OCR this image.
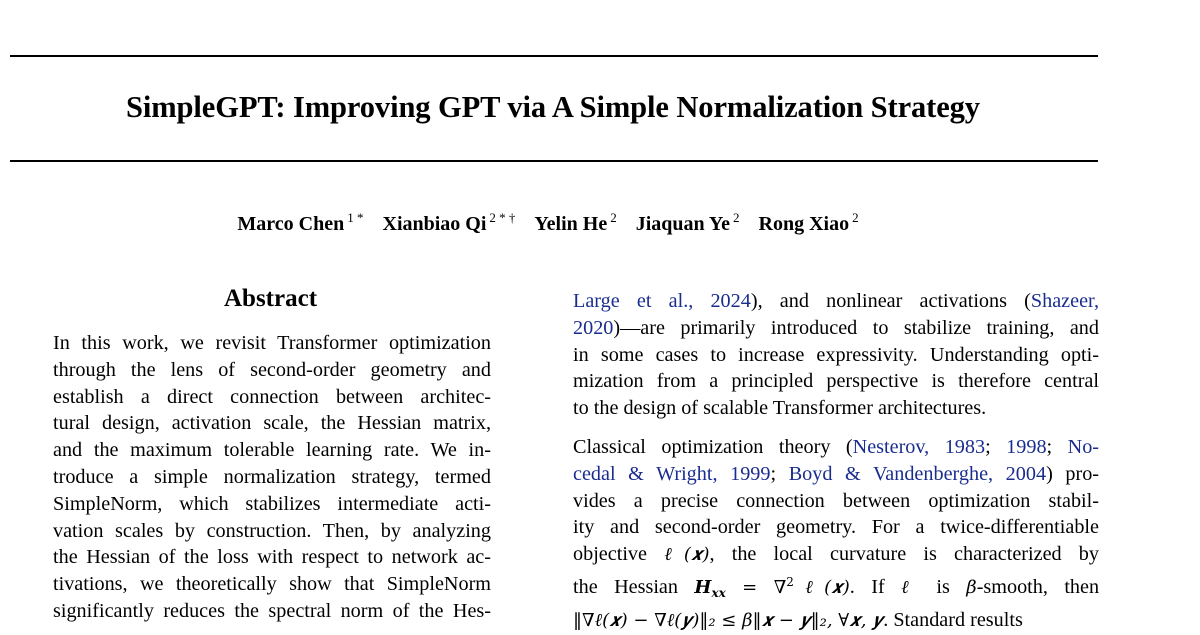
SimpleGPT: Improving GPT via A Simple Normalization Strategy
Marco Chen $^{1 *}$ Xianbiao Qi $^{2 * \dagger}$ Yelin He $^2$ Jiaquan Ye $^2$ Rong Xiao $^2$
Abstract
In this work, we revisit Transformer optimization
through the lens of second-order geometry and
establish a direct connection between architec-
tural design, activation scale, the Hessian matrix,
and the maximum tolerable learning rate. We in-
troduce a simple normalization strategy, termed
SimpleNorm, which stabilizes intermediate acti-
vation scales by construction. Then, by analyzing
the Hessian of the loss with respect to network ac-
tivations, we theoretically show that SimpleNorm
significantly reduces the spectral norm of the Hes-
Large et al., 2024), and nonlinear activations (Shazeer,
2020)—are primarily introduced to stabilize training, and
in some cases to increase expressivity. Understanding opti-
mization from a principled perspective is therefore central
to the design of scalable Transformer architectures.
Classical optimization theory (Nesterov, 1983; 1998; No-
cedal & Wright, 1999; Boyd & Vandenberghe, 2004) pro-
vides a precise connection between optimization stabil-
ity and second-order geometry. For a twice-differentiable
objective ℓ(𝒙), the local curvature is characterized by
the Hessian $H_{xx}$ = ∇$^2$ℓ(𝒙). If ℓ is β-smooth, then
‖∇ℓ(𝒙) − ∇ℓ(𝒚)‖₂ ≤ β‖𝒙 − 𝒚‖₂, ∀𝒙, 𝒚. Standard results
